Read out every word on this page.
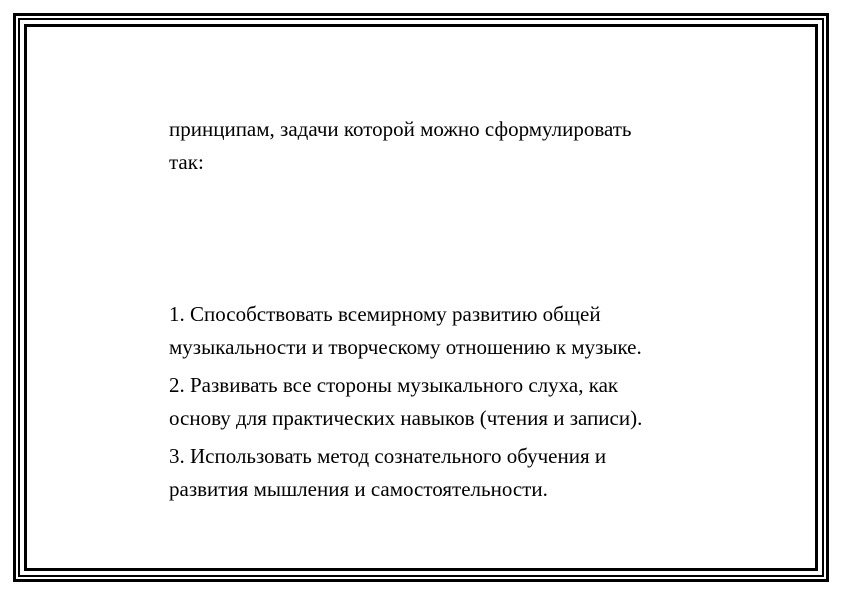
принципам, задачи которой можно сформулировать
так:

1. Способствовать всемирному развитию общей
музыкальности и творческому отношению к музыке.

2. Развивать все стороны музыкального слуха, как
основу для практических навыков (чтения и записи).

3. Использовать метод сознательного обучения и
развития мышления и самостоятельности.
